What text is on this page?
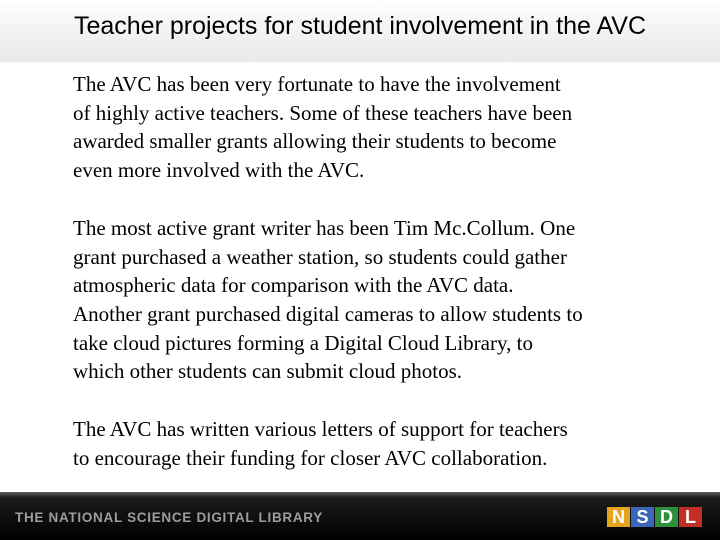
Teacher projects for student involvement in the AVC

The AVC has been very fortunate to have the involvement
of highly active teachers. Some of these teachers have been
awarded smaller grants allowing their students to become
even more involved with the AVC.

The most active grant writer has been Tim Mc.Collum. One
grant purchased a weather station, so students could gather
atmospheric data for comparison with the AVC data.
Another grant purchased digital cameras to allow students to
take cloud pictures forming a Digital Cloud Library, to
which other students can submit cloud photos.

The AVC has written various letters of support for teachers
to encourage their funding for closer AVC collaboration.

THE NATIONAL SCIENCE DIGITAL LIBRARY	N S D L
